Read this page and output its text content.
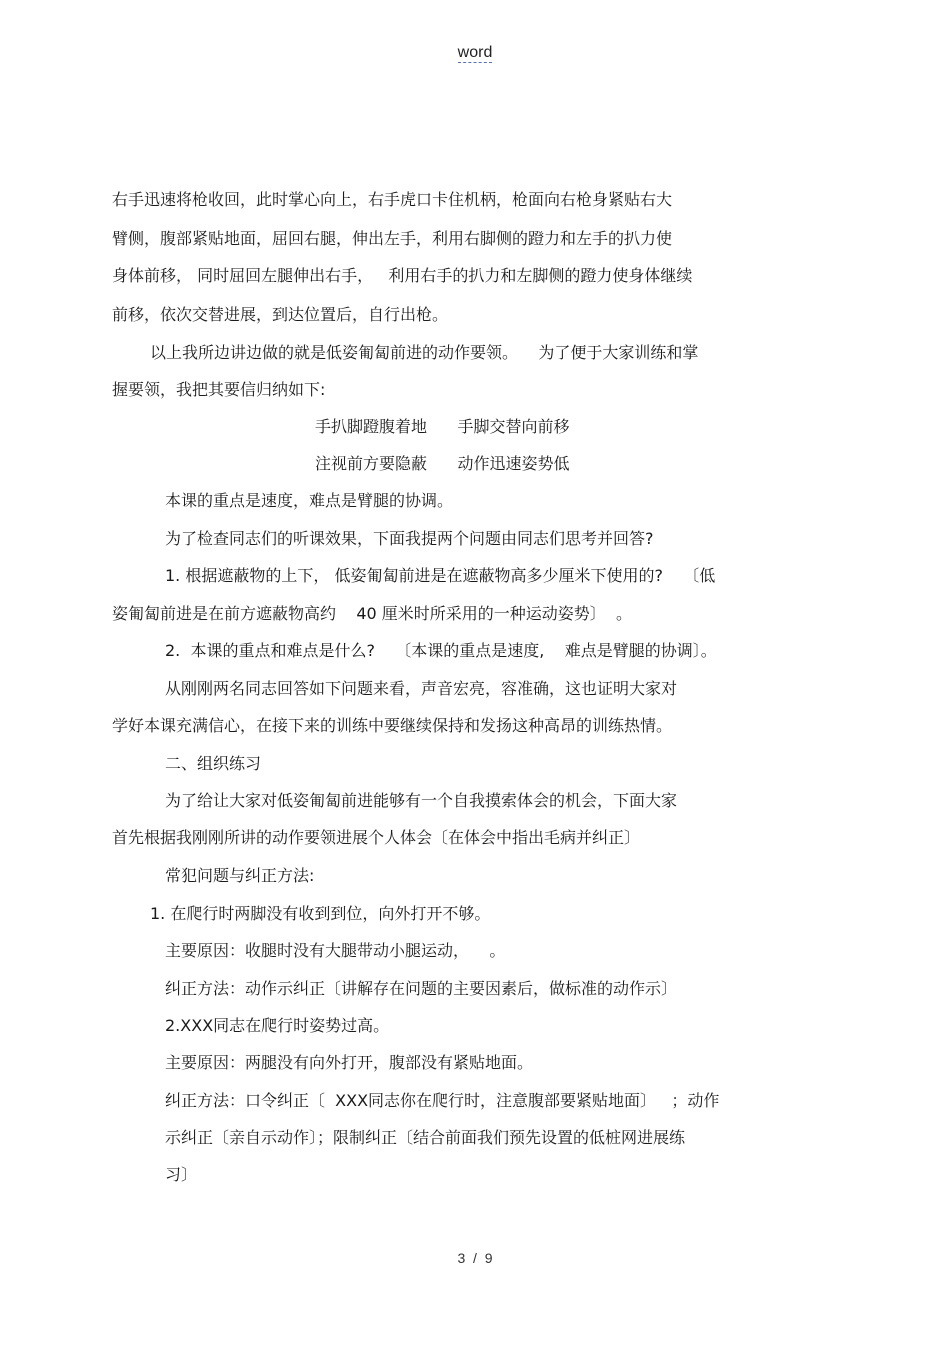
word
右手迅速将枪收回，此时掌心向上，右手虎口卡住机柄，枪面向右枪身紧贴右大
臂侧，腹部紧贴地面，屈回右腿，伸出左手，利用右脚侧的蹬力和左手的扒力使
身体前移， 同时屈回左腿伸出右手，   利用右手的扒力和左脚侧的蹬力使身体继续
前移，依次交替进展，到达位置后，自行出枪。
以上我所边讲边做的就是低姿匍匐前进的动作要领。    为了便于大家训练和掌
握要领，我把其要信归纳如下:
手扒脚蹬腹着地      手脚交替向前移
注视前方要隐蔽      动作迅速姿势低
本课的重点是速度，难点是臂腿的协调。
为了检查同志们的听课效果，下面我提两个问题由同志们思考并回答?
1. 根据遮蔽物的上下， 低姿匍匐前进是在遮蔽物高多少厘米下使用的?    〔低
姿匍匐前进是在前方遮蔽物高约    40 厘米时所采用的一种运动姿势〕  。
2.  本课的重点和难点是什么?    〔本课的重点是速度,    难点是臂腿的协调〕。
从刚刚两名同志回答如下问题来看，声音宏亮，容准确，这也证明大家对
学好本课充满信心，在接下来的训练中要继续保持和发扬这种高昂的训练热情。
二、组织练习
为了给让大家对低姿匍匐前进能够有一个自我摸索体会的机会，下面大家
首先根据我刚刚所讲的动作要领进展个人体会〔在体会中指出毛病并纠正〕
常犯问题与纠正方法:
1. 在爬行时两脚没有收到到位，向外打开不够。
主要原因：收腿时没有大腿带动小腿运动，    。
纠正方法：动作示纠正〔讲解存在问题的主要因素后，做标准的动作示〕
2.XXX同志在爬行时姿势过高。
主要原因：两腿没有向外打开，腹部没有紧贴地面。
纠正方法：口令纠正〔  XXX同志你在爬行时，注意腹部要紧贴地面〕   ；动作
示纠正〔亲自示动作〕；限制纠正〔结合前面我们预先设置的低桩网进展练
习〕
3  /  9
